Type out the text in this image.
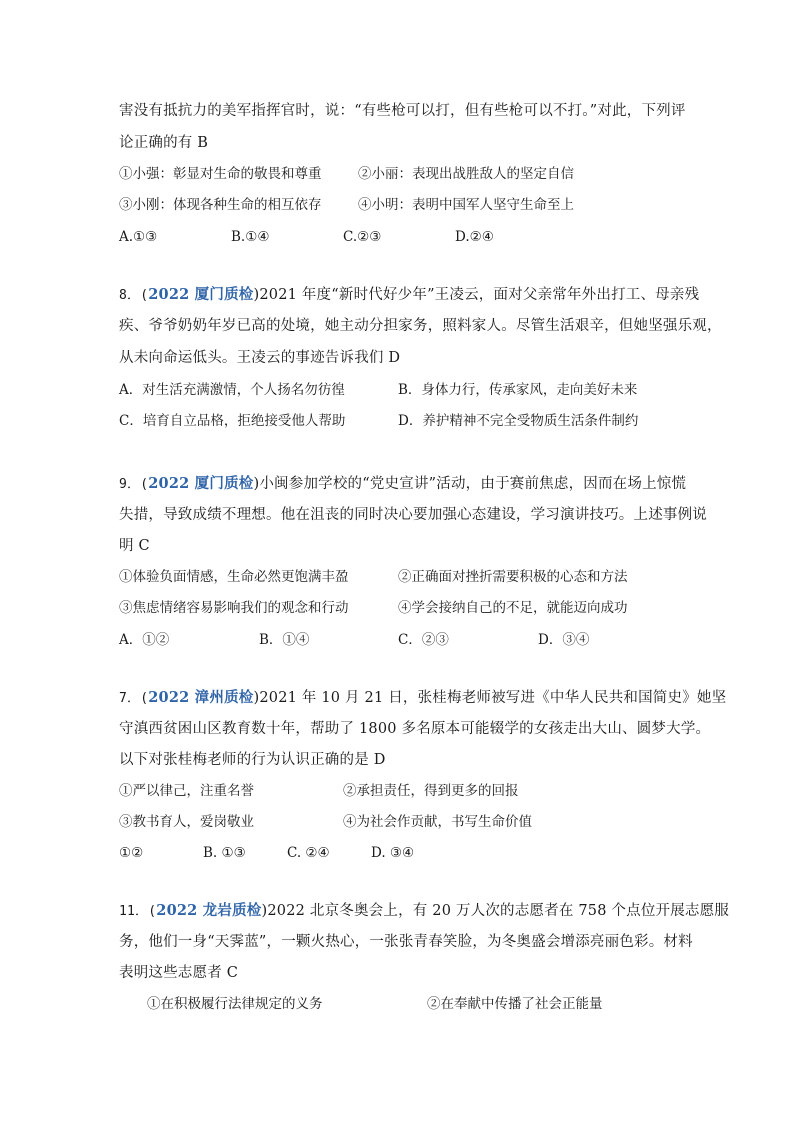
害没有抵抗力的美军指挥官时，说：“有些枪可以打，但有些枪可以不打。”对此，下列评
论正确的有 B
①小强：彰显对生命的敬畏和尊重	②小丽：表现出战胜敌人的坚定自信
③小刚：体现各种生命的相互依存	④小明：表明中国军人坚守生命至上
A.①③	B.①④	C.②③	D.②④
8．(2022 厦门质检)2021 年度“新时代好少年”王凌云，面对父亲常年外出打工、母亲残
疾、爷爷奶奶年岁已高的处境，她主动分担家务，照料家人。尽管生活艰辛，但她坚强乐观，
从未向命运低头。王凌云的事迹告诉我们 D
A．对生活充满激情，个人扬名勿彷徨	B．身体力行，传承家风，走向美好未来
C．培育自立品格，拒绝接受他人帮助	D．养护精神不完全受物质生活条件制约
9．(2022 厦门质检)小闽参加学校的“党史宣讲”活动，由于赛前焦虑，因而在场上惊慌
失措，导致成绩不理想。他在沮丧的同时决心要加强心态建设，学习演讲技巧。上述事例说
明 C
①体验负面情感，生命必然更饱满丰盈	②正确面对挫折需要积极的心态和方法
③焦虑情绪容易影响我们的观念和行动	④学会接纳自己的不足，就能迈向成功
A．①②	B．①④	C．②③	D．③④
7．(2022 漳州质检)2021 年 10 月 21 日，张桂梅老师被写进《中华人民共和国简史》她坚
守滇西贫困山区教育数十年，帮助了 1800 多名原本可能辍学的女孩走出大山、圆梦大学。
以下对张桂梅老师的行为认识正确的是 D
①严以律己，注重名誉	②承担责任，得到更多的回报
③教书育人，爱岗敬业	④为社会作贡献，书写生命价值
①②	B. ①③	C. ②④	D. ③④
11．(2022 龙岩质检)2022 北京冬奥会上，有 20 万人次的志愿者在 758 个点位开展志愿服
务，他们一身“天霁蓝”，一颗火热心，一张张青春笑脸，为冬奥盛会增添亮丽色彩。材料
表明这些志愿者 C
①在积极履行法律规定的义务	②在奉献中传播了社会正能量
